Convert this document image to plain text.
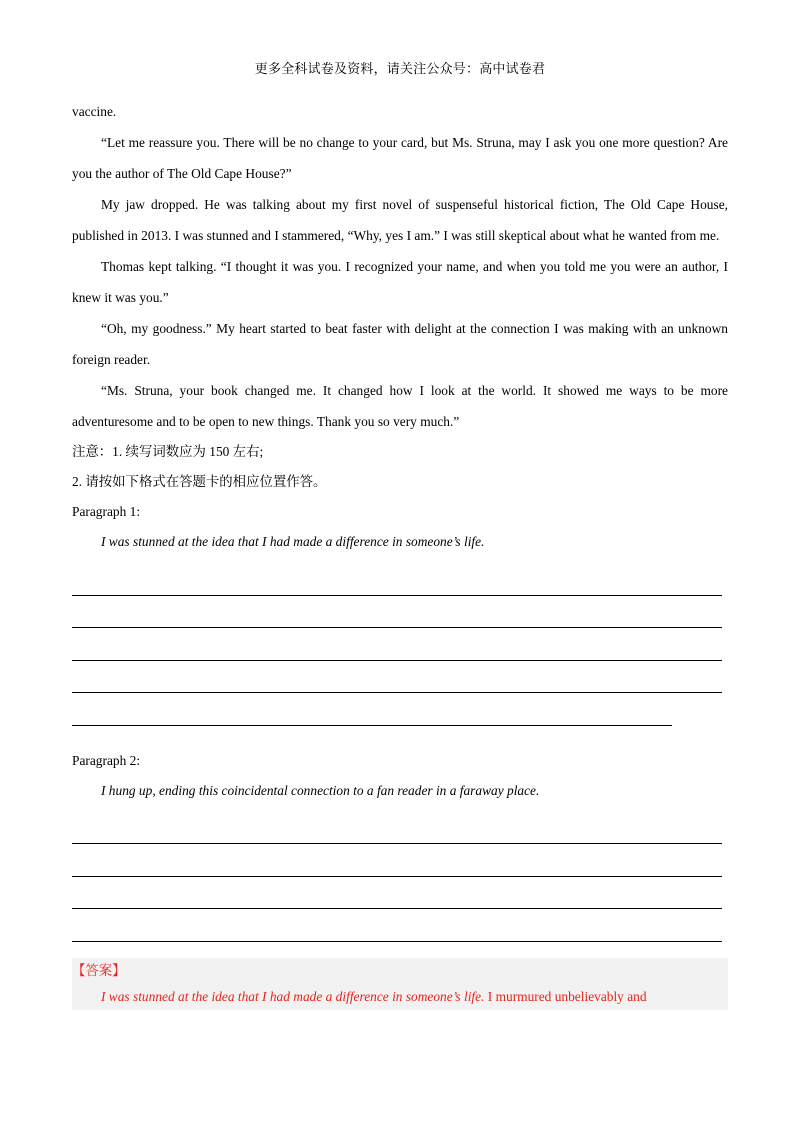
更多全科试卷及资料，请关注公众号：高中试卷君

vaccine.

“Let me reassure you. There will be no change to your card, but Ms. Struna, may I ask you one more question? Are you the author of The Old Cape House?”

My jaw dropped. He was talking about my first novel of suspenseful historical fiction, The Old Cape House, published in 2013. I was stunned and I stammered, “Why, yes I am.” I was still skeptical about what he wanted from me.

Thomas kept talking. “I thought it was you. I recognized your name, and when you told me you were an author, I knew it was you.”

“Oh, my goodness.” My heart started to beat faster with delight at the connection I was making with an unknown foreign reader.

“Ms. Struna, your book changed me. It changed how I look at the world. It showed me ways to be more adventuresome and to be open to new things. Thank you so very much.”

注意：1. 续写词数应为 150 左右;

2. 请按如下格式在答题卡的相应位置作答。

Paragraph 1:

I was stunned at the idea that I had made a difference in someone’s life.

Paragraph 2:

I hung up, ending this coincidental connection to a fan reader in a faraway place.

【答案】
I was stunned at the idea that I had made a difference in someone’s life. I murmured unbelievably and
